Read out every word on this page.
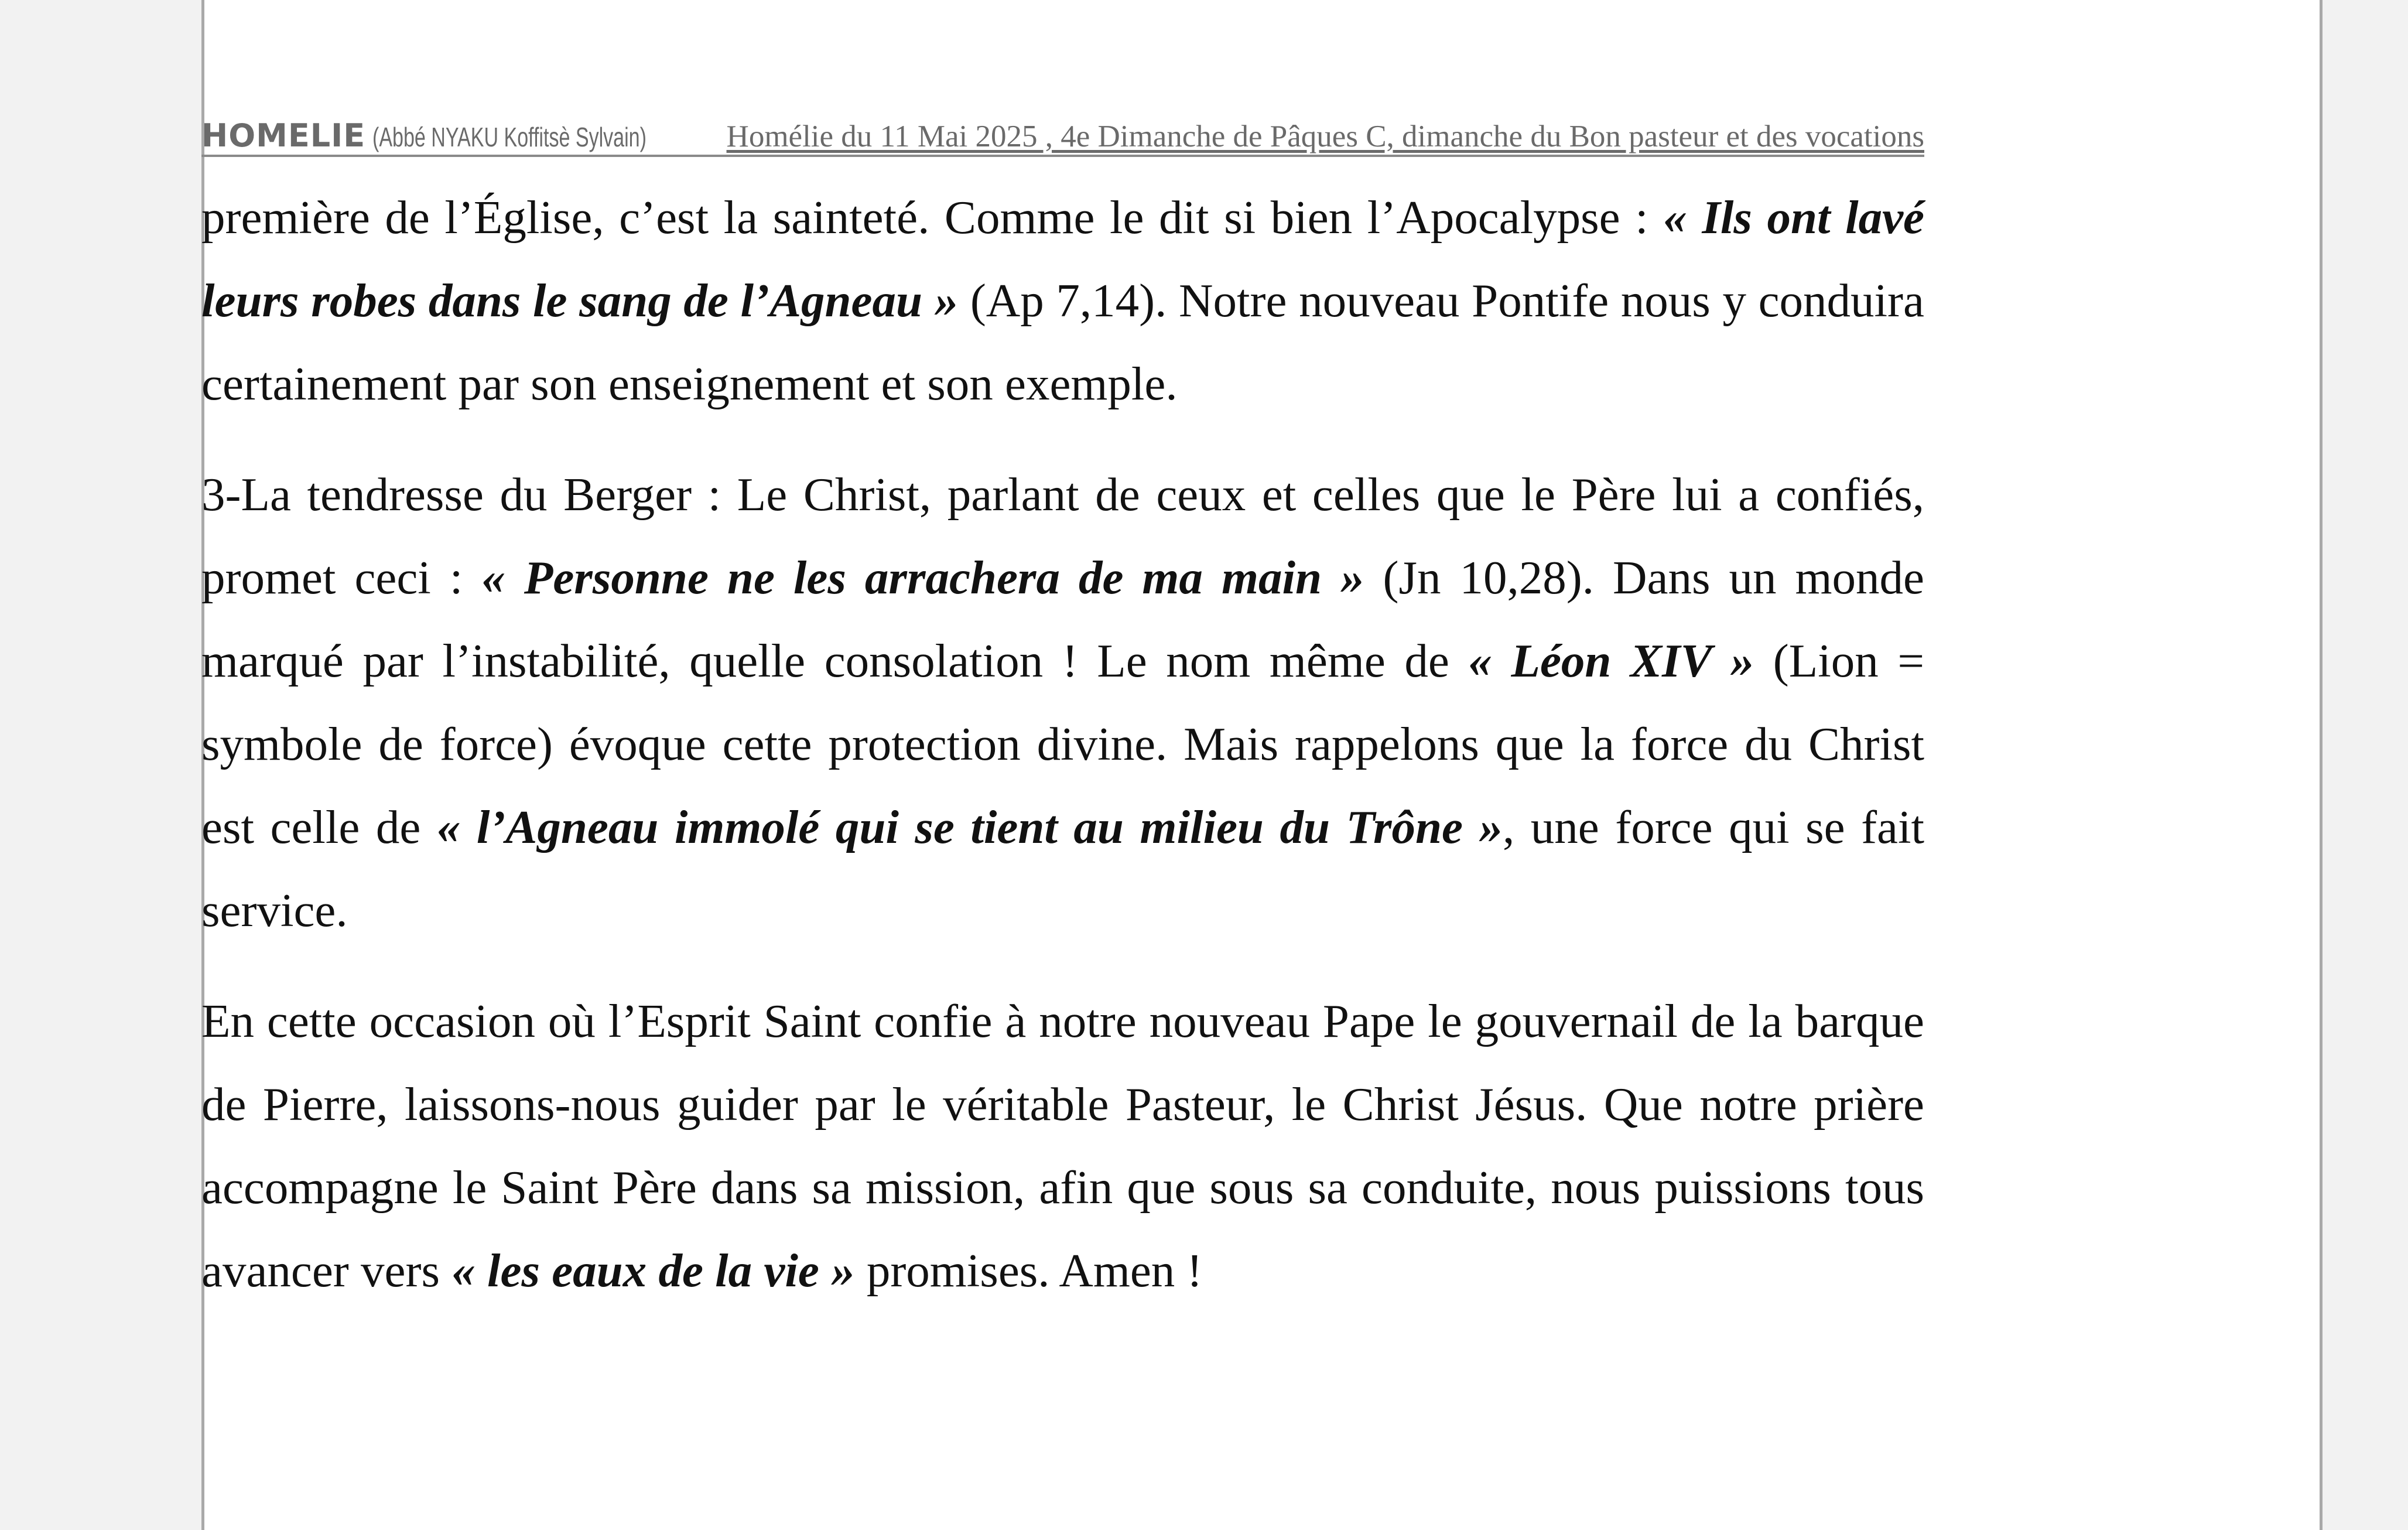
HOMELIE (Abbé NYAKU Koffitsè Sylvain)	Homélie du 11 Mai 2025 , 4e Dimanche de Pâques C, dimanche du Bon pasteur et des vocations

première de l’Église, c’est la sainteté. Comme le dit si bien l’Apocalypse : « Ils ont lavé leurs robes dans le sang de l’Agneau » (Ap 7,14). Notre nouveau Pontife nous y conduira certainement par son enseignement et son exemple.

3-La tendresse du Berger : Le Christ, parlant de ceux et celles que le Père lui a confiés, promet ceci : « Personne ne les arrachera de ma main » (Jn 10,28). Dans un monde marqué par l’instabilité, quelle consolation ! Le nom même de « Léon XIV » (Lion = symbole de force) évoque cette protection divine. Mais rappelons que la force du Christ est celle de « l’Agneau immolé qui se tient au milieu du Trône », une force qui se fait service.

En cette occasion où l’Esprit Saint confie à notre nouveau Pape le gouvernail de la barque de Pierre, laissons-nous guider par le véritable Pasteur, le Christ Jésus. Que notre prière accompagne le Saint Père dans sa mission, afin que sous sa conduite, nous puissions tous avancer vers « les eaux de la vie » promises. Amen !
